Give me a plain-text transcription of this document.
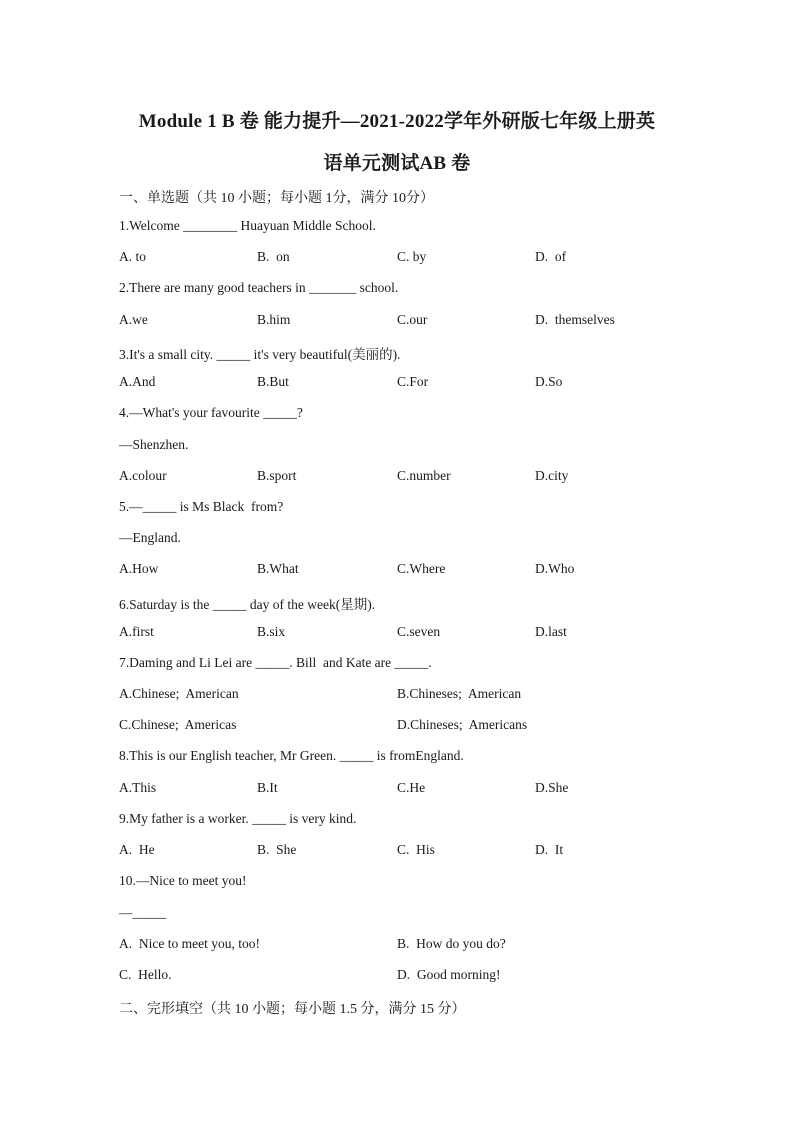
Module 1 B 卷 能力提升—2021-2022学年外研版七年级上册英
语单元测试AB 卷
一、单选题（共 10 小题；每小题 1分，满分 10分）
1.Welcome ________ Huayuan Middle School.
A. to	B.  on	C. by	D.  of
2.There are many good teachers in _______ school.
A.we	B.him	C.our	D.  themselves
3.It's a small city. _____ it's very beautiful(美丽的).
A.And	B.But	C.For	D.So
4.—What's your favourite _____?
—Shenzhen.
A.colour	B.sport	C.number	D.city
5.—_____ is Ms Black  from?
—England.
A.How	B.What	C.Where	D.Who
6.Saturday is the _____ day of the week(星期).
A.first	B.six	C.seven	D.last
7.Daming and Li Lei are _____. Bill  and Kate are _____.
A.Chinese;  American	B.Chineses;  American
C.Chinese;  Americas	D.Chineses;  Americans
8.This is our English teacher, Mr Green. _____ is fromEngland.
A.This	B.It	C.He	D.She
9.My father is a worker. _____ is very kind.
A.  He	B.  She	C.  His	D.  It
10.—Nice to meet you!
—_____
A.  Nice to meet you, too!	B.  How do you do?
C.  Hello.	D.  Good morning!
二、完形填空（共 10 小题；每小题 1.5 分，满分 15 分）
